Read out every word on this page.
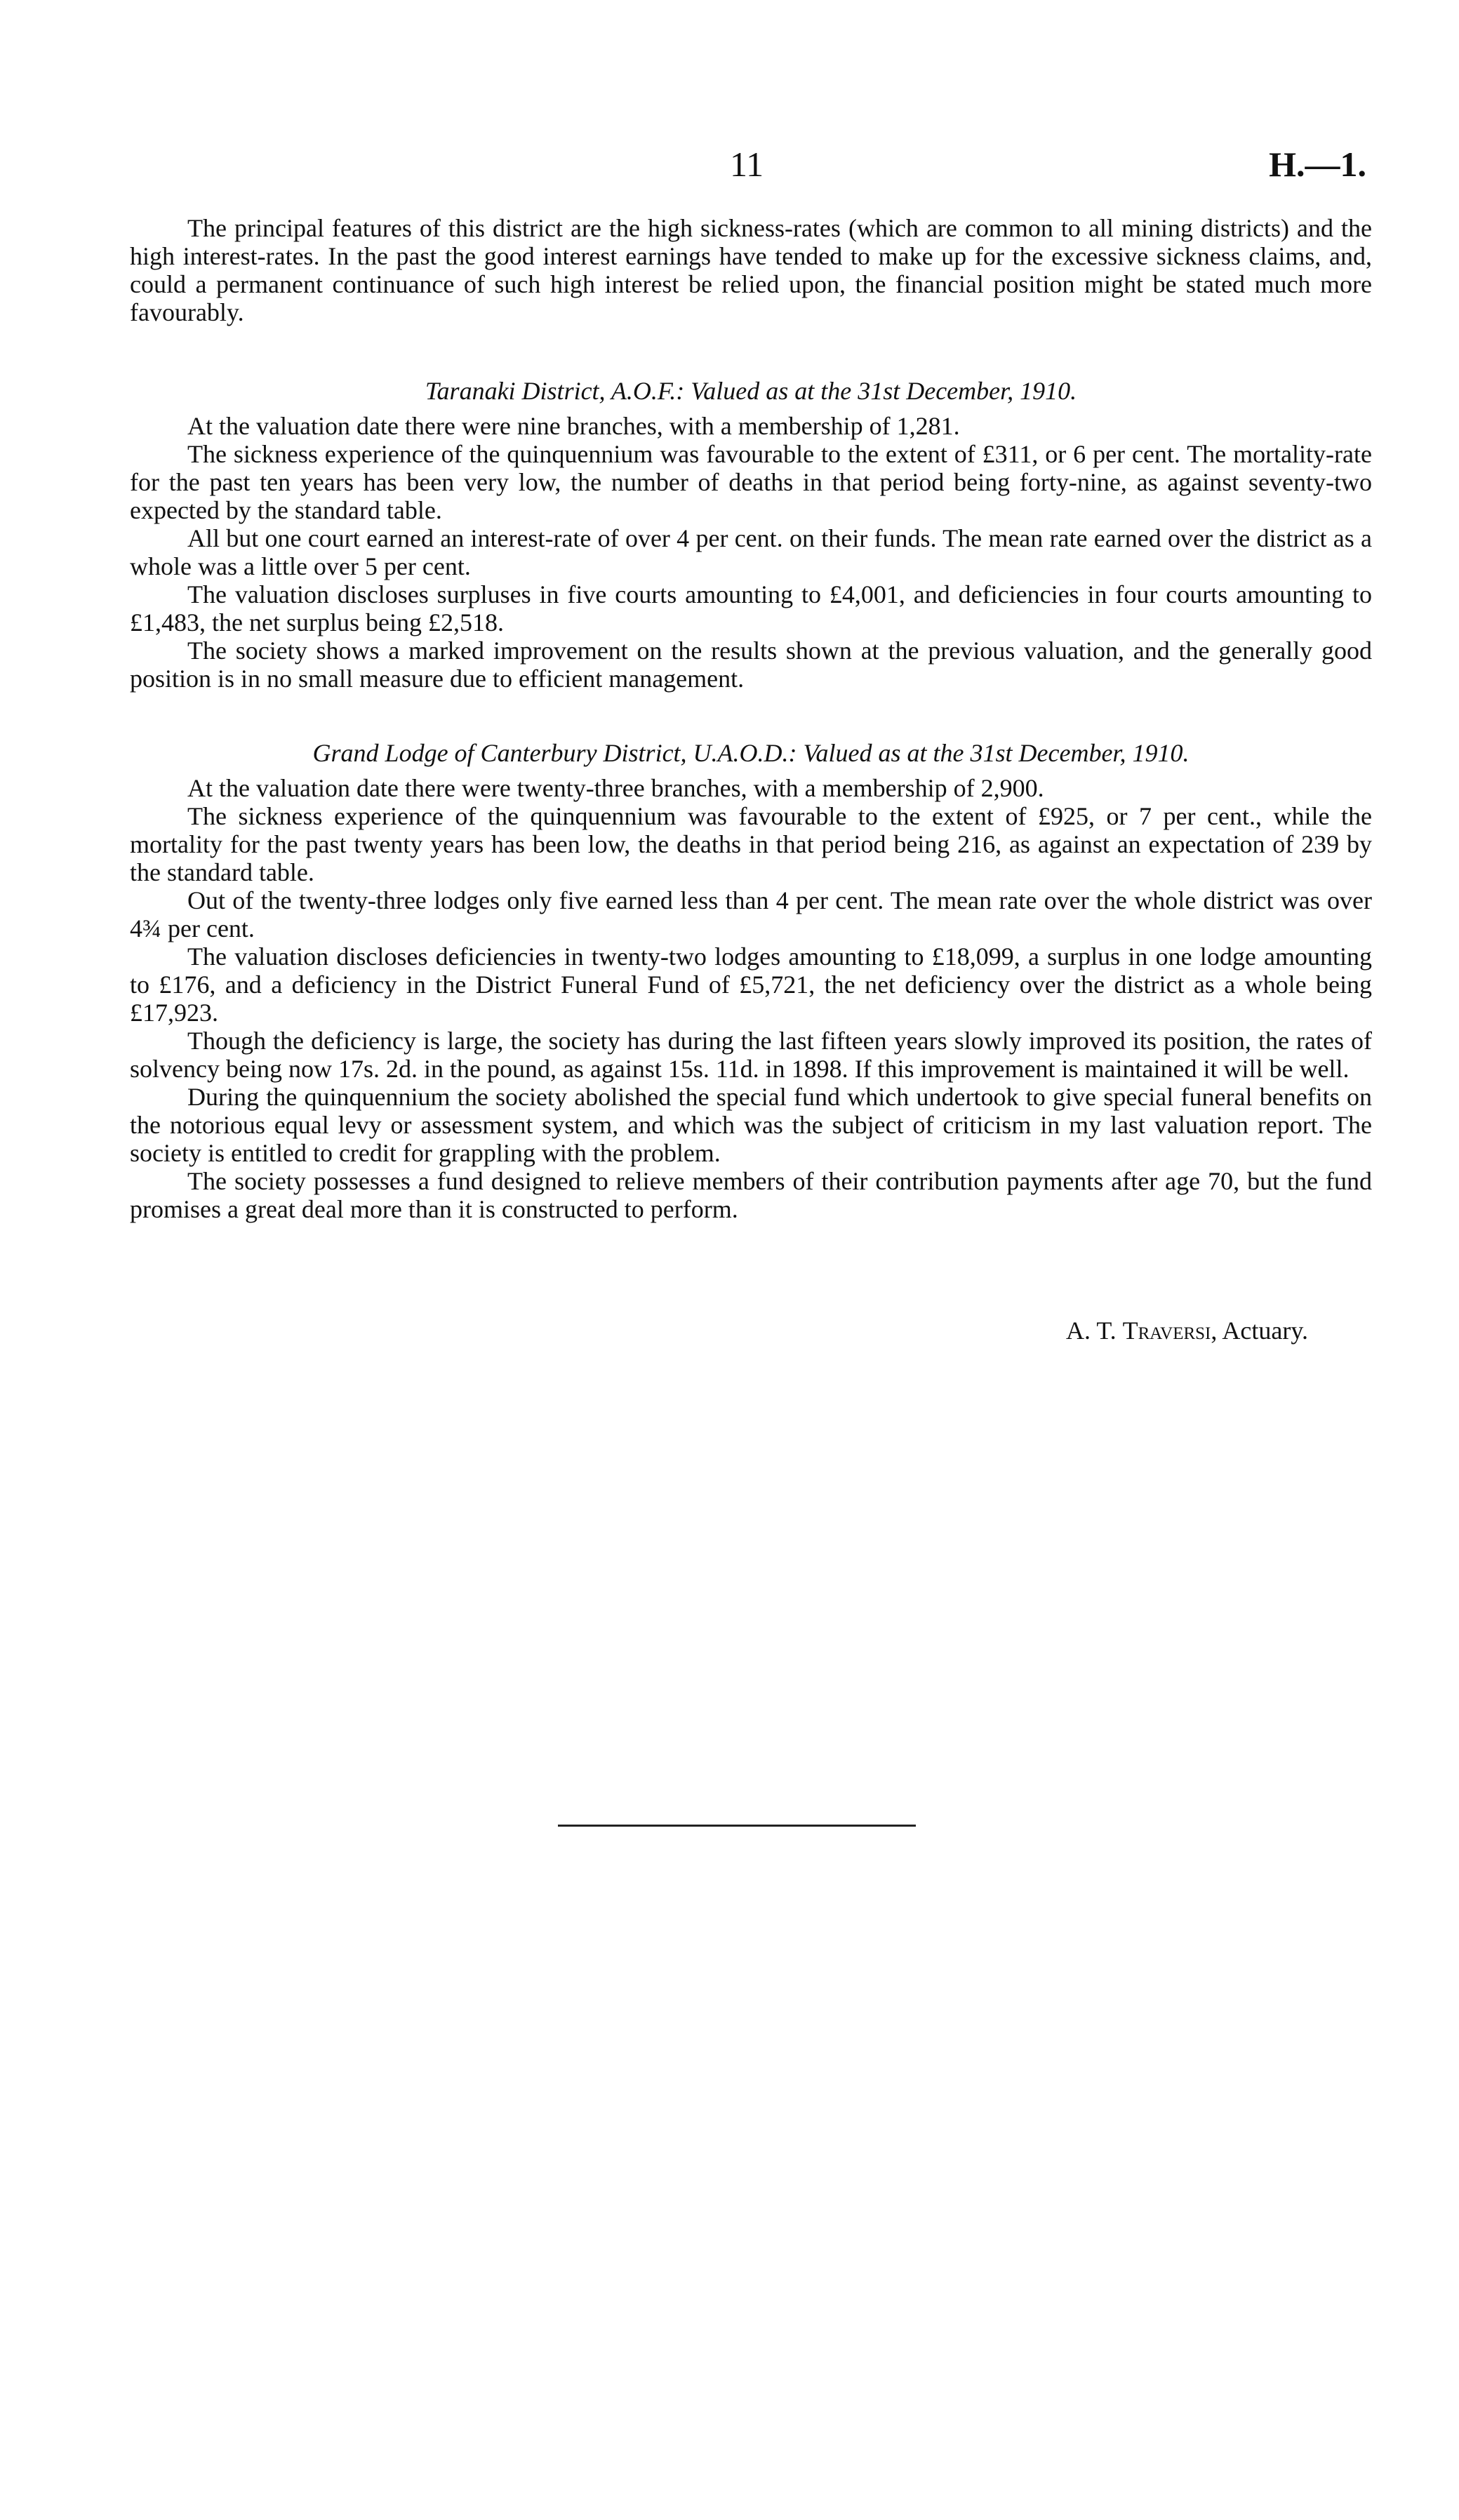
11	H.—1.

The principal features of this district are the high sickness-rates (which are common to all mining districts) and the high interest-rates. In the past the good interest earnings have tended to make up for the excessive sickness claims, and, could a permanent continuance of such high interest be relied upon, the financial position might be stated much more favourably.

Taranaki District, A.O.F.: Valued as at the 31st December, 1910.

At the valuation date there were nine branches, with a membership of 1,281.

The sickness experience of the quinquennium was favourable to the extent of £311, or 6 per cent. The mortality-rate for the past ten years has been very low, the number of deaths in that period being forty-nine, as against seventy-two expected by the standard table.

All but one court earned an interest-rate of over 4 per cent. on their funds. The mean rate earned over the district as a whole was a little over 5 per cent.

The valuation discloses surpluses in five courts amounting to £4,001, and deficiencies in four courts amounting to £1,483, the net surplus being £2,518.

The society shows a marked improvement on the results shown at the previous valuation, and the generally good position is in no small measure due to efficient management.

Grand Lodge of Canterbury District, U.A.O.D.: Valued as at the 31st December, 1910.

At the valuation date there were twenty-three branches, with a membership of 2,900.

The sickness experience of the quinquennium was favourable to the extent of £925, or 7 per cent., while the mortality for the past twenty years has been low, the deaths in that period being 216, as against an expectation of 239 by the standard table.

Out of the twenty-three lodges only five earned less than 4 per cent. The mean rate over the whole district was over 4¾ per cent.

The valuation discloses deficiencies in twenty-two lodges amounting to £18,099, a surplus in one lodge amounting to £176, and a deficiency in the District Funeral Fund of £5,721, the net deficiency over the district as a whole being £17,923.

Though the deficiency is large, the society has during the last fifteen years slowly improved its position, the rates of solvency being now 17s. 2d. in the pound, as against 15s. 11d. in 1898. If this improvement is maintained it will be well.

During the quinquennium the society abolished the special fund which undertook to give special funeral benefits on the notorious equal levy or assessment system, and which was the subject of criticism in my last valuation report. The society is entitled to credit for grappling with the problem.

The society possesses a fund designed to relieve members of their contribution payments after age 70, but the fund promises a great deal more than it is constructed to perform.

A. T. Traversi, Actuary.
